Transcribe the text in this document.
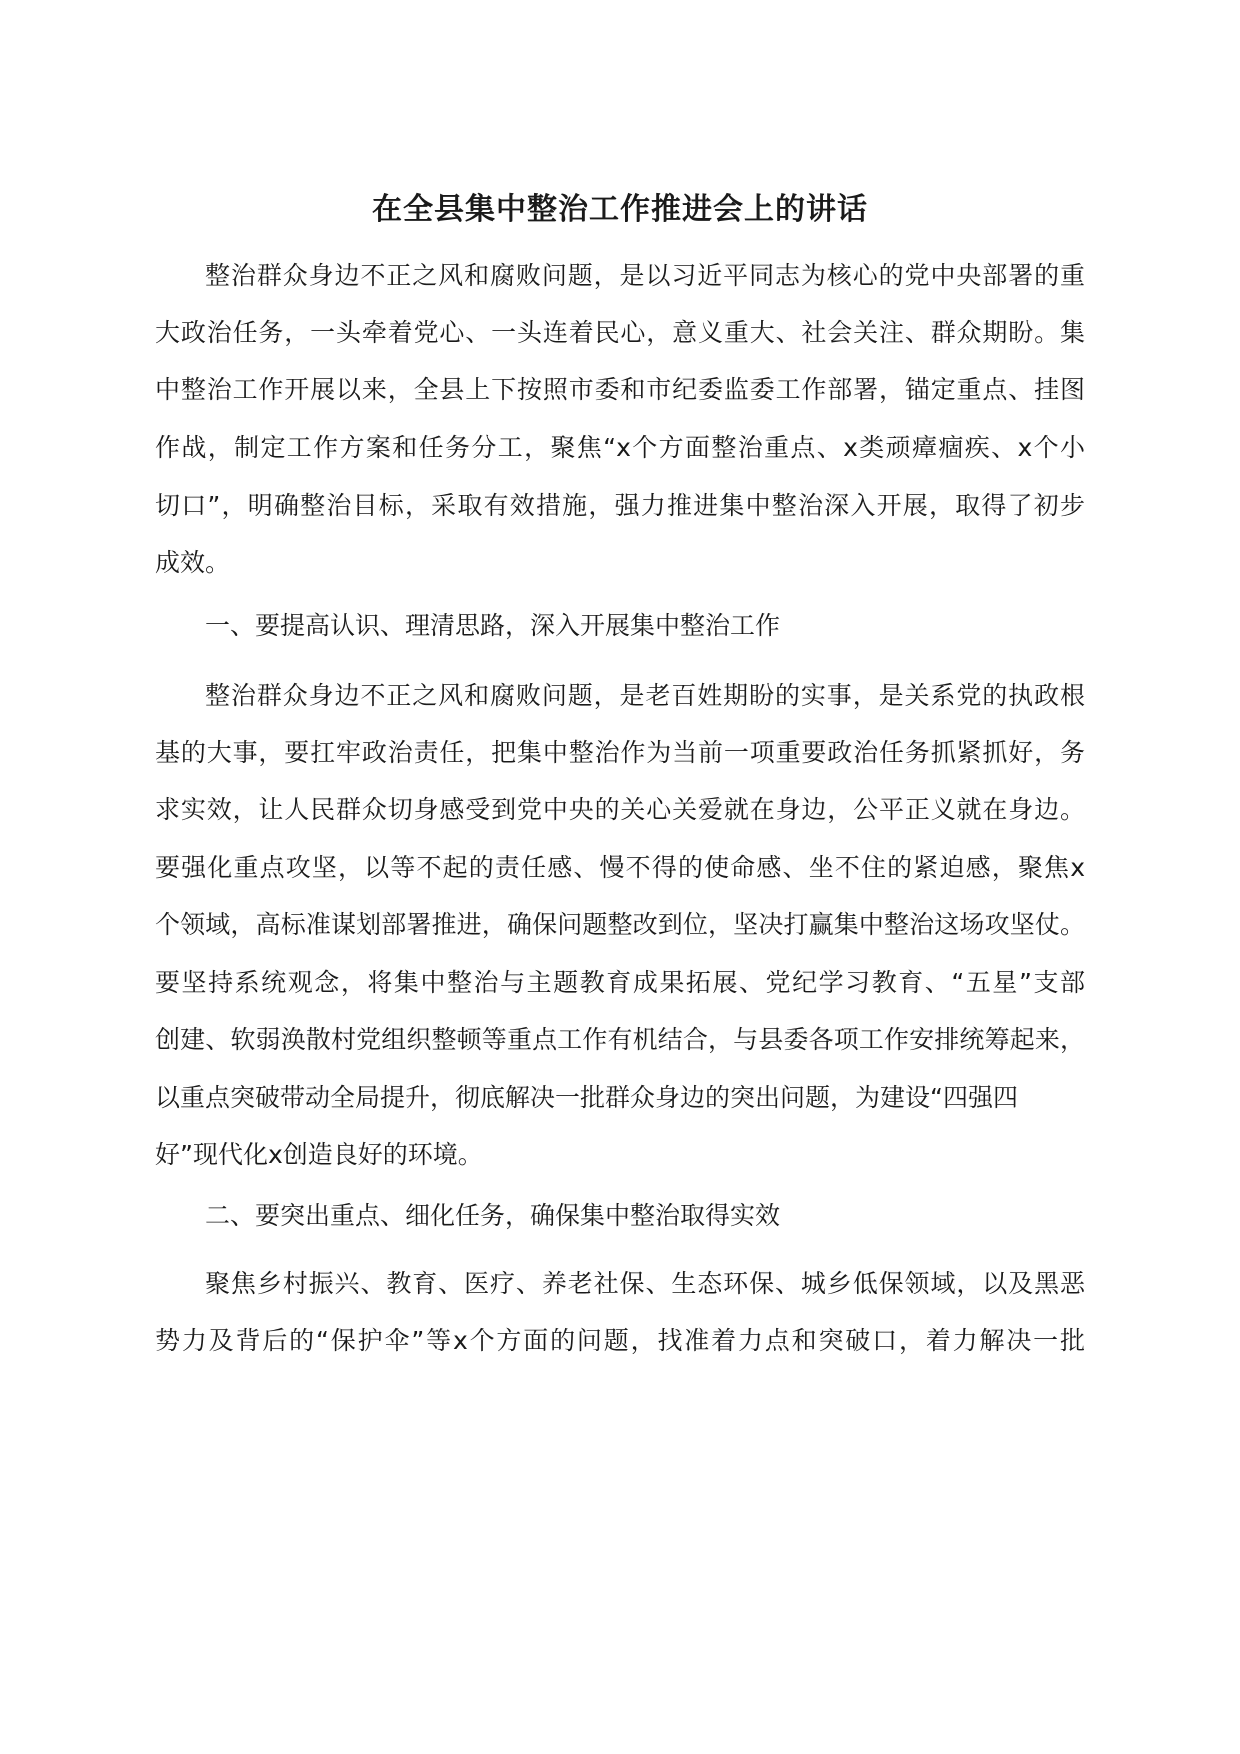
在全县集中整治工作推进会上的讲话
整治群众身边不正之风和腐败问题，是以习近平同志为核心的党中央部署的重
大政治任务，一头牵着党心、一头连着民心，意义重大、社会关注、群众期盼。集
中整治工作开展以来，全县上下按照市委和市纪委监委工作部署，锚定重点、挂图
作战，制定工作方案和任务分工，聚焦“x个方面整治重点、x类顽瘴痼疾、x个小
切口”，明确整治目标，采取有效措施，强力推进集中整治深入开展，取得了初步
成效。
一、要提高认识、理清思路，深入开展集中整治工作
整治群众身边不正之风和腐败问题，是老百姓期盼的实事，是关系党的执政根
基的大事，要扛牢政治责任，把集中整治作为当前一项重要政治任务抓紧抓好，务
求实效，让人民群众切身感受到党中央的关心关爱就在身边，公平正义就在身边。
要强化重点攻坚，以等不起的责任感、慢不得的使命感、坐不住的紧迫感，聚焦x
个领域，高标准谋划部署推进，确保问题整改到位，坚决打赢集中整治这场攻坚仗。
要坚持系统观念，将集中整治与主题教育成果拓展、党纪学习教育、“五星”支部
创建、软弱涣散村党组织整顿等重点工作有机结合，与县委各项工作安排统筹起来，
以重点突破带动全局提升，彻底解决一批群众身边的突出问题，为建设“四强四
好”现代化x创造良好的环境。
二、要突出重点、细化任务，确保集中整治取得实效
聚焦乡村振兴、教育、医疗、养老社保、生态环保、城乡低保领域，以及黑恶
势力及背后的“保护伞”等x个方面的问题，找准着力点和突破口，着力解决一批
